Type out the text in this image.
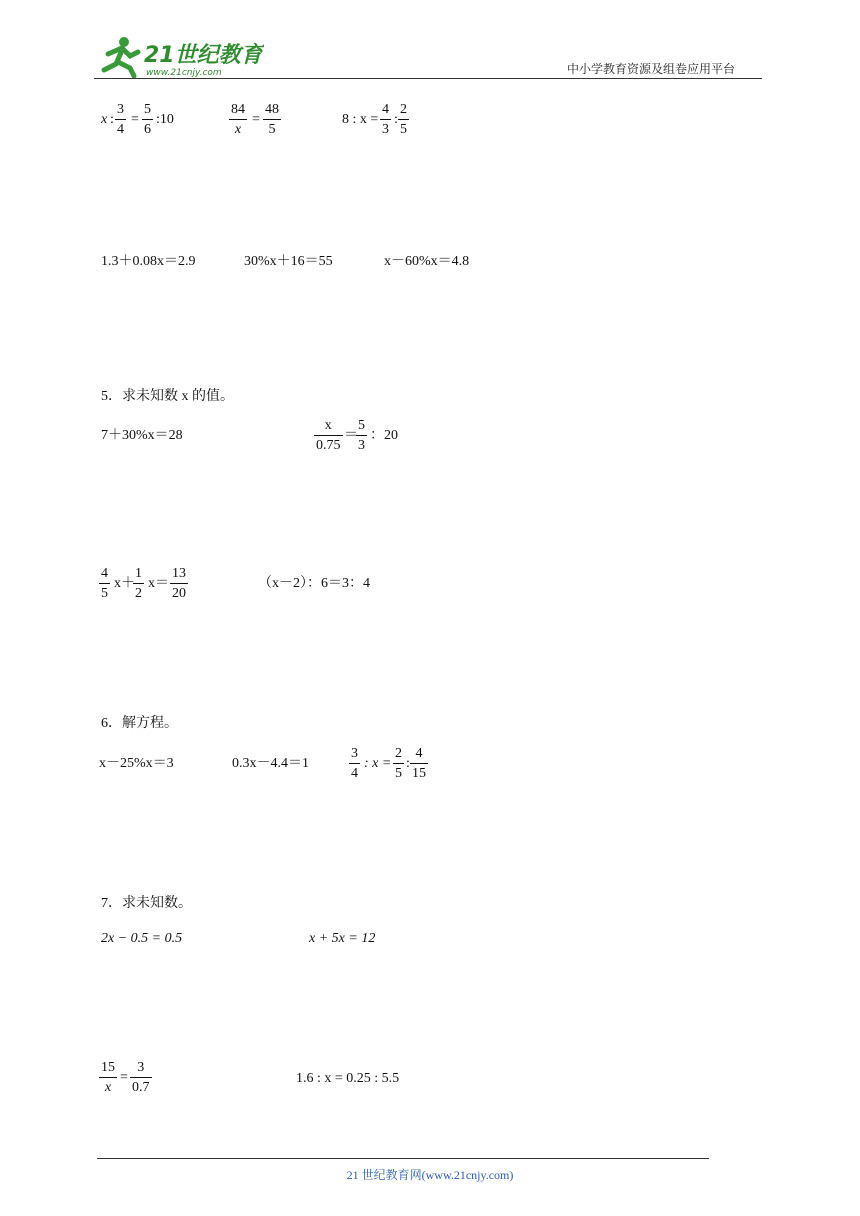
21世纪教育
www.21cnjy.com	中小学教育资源及组卷应用平台
x :
3
4
=
5
6
:10
84
x
=
48
5
8 : x =
4
3
:
2
5
1.3＋0.08x＝2.9	30%x＋16＝55	x－60%x＝4.8
5．求未知数 x 的值。
7＋30%x＝28
x
0.75
＝
5
3
：20
4
5
x＋
1
2
x＝
13
20
（x－2）：6＝3：4
6．解方程。
x－25%x＝3	0.3x－4.4＝1
3
4
: x =
2
5
:
4
15
7．求未知数。
2x − 0.5 = 0.5	x + 5x = 12
15
x
=
3
0.7
1.6 : x = 0.25 : 5.5
21 世纪教育网(www.21cnjy.com)
